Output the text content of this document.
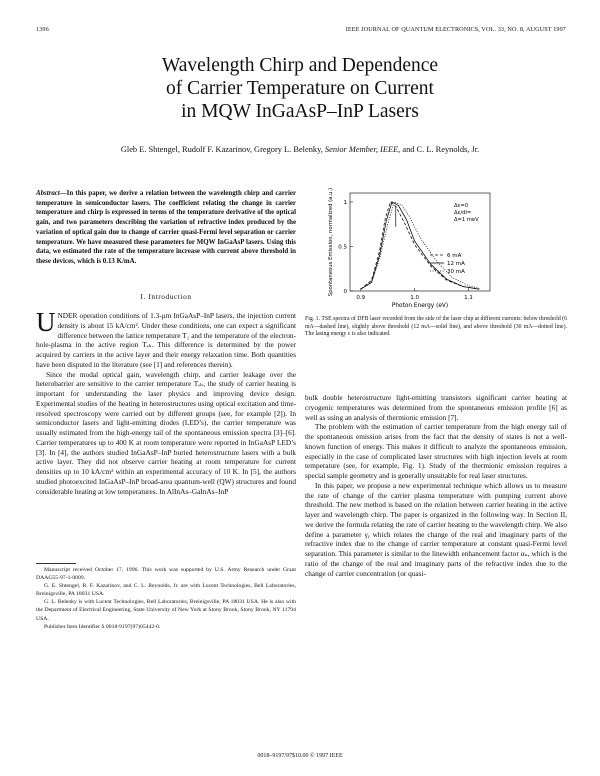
1396	IEEE JOURNAL OF QUANTUM ELECTRONICS, VOL. 33, NO. 8, AUGUST 1997
Wavelength Chirp and Dependence
of Carrier Temperature on Current
in MQW InGaAsP–InP Lasers
Gleb E. Shtengel, Rudolf F. Kazarinov, Gregory L. Belenky, Senior Member, IEEE, and C. L. Reynolds, Jr.
Abstract—In this paper, we derive a relation between the wavelength chirp and carrier temperature in semiconductor lasers. The coefficient relating the change in carrier temperature and chirp is expressed in terms of the temperature derivative of the optical gain, and two parameters describing the variation of refractive index produced by the variation of optical gain due to change of carrier quasi-Fermi level separation or carrier temperature. We have measured these parameters for MQW InGaAsP lasers. Using this data, we estimated the rate of the temperature increase with current above threshold in these devices, which is 0.13 K/mA.
I. Introduction

UNDER operation conditions of 1.3-μm InGaAsP–InP lasers, the injection current density is about 15 kA/cm². Under these conditions, one can expect a significant difference between the lattice temperature T₁ and the temperature of the electron-hole-plasma in the active region Tₑₕ. This difference is determined by the power acquired by carriers in the active layer and their energy relaxation time. Both quantities have been disputed in the literature (see [1] and references therein).

Since the modal optical gain, wavelength chirp, and carrier leakage over the heterobarrier are sensitive to the carrier temperature Tₑₕ, the study of carrier heating is important for understanding the laser physics and improving device design. Experimental studies of the heating in heterostructures using optical excitation and time-resolved spectroscopy were carried out by different groups (see, for example [2]). In semiconductor lasers and light-emitting diodes (LED’s), the carrier temperature was usually estimated from the high-energy tail of the spontaneous emission spectra [3]–[6]. Carrier temperatures up to 400 K at room temperature were reported in InGaAsP LED’s [3]. In [4], the authors studied InGaAsP–InP buried heterostructure lasers with a bulk active layer. They did not observe carrier heating at room temperature for current densities up to 10 kA/cm² within an experimental accuracy of 10 K. In [5], the authors studied photoexcited InGaAsP–InP broad-area quantum-well (QW) structures and found considerable heating at low temperatures. In AlInAs–GaInAs–InP

Manuscript received October 17, 1996. This work was supported by U.S. Army Research under Grant DAAG55-97-1-0009.

G. E. Shtengel, R. F. Kazarinov, and C. L. Reynolds, Jr. are with Lucent Technologies, Bell Laboratories, Breinigsville, PA 18031 USA.

G. L. Belenky is with Lucent Technologies, Bell Laboratories, Breinigsville, PA 18031 USA. He is also with the Department of Electrical Engineering, State University of New York at Stony Brook, Stony Brook, NY 11794 USA.

Publisher Item Identifier S 0018-9197(97)05442-0.

0.9	1.0	1.1
0
0.5
1
Photon Energy (eV)
Spontaneous Emission, normalized (a.u.)	6 mA
12 mA
30 mA
Δε=0
Δε/dI=
Δ=1 meV
Fig. 1. TSE spectra of DFB laser recorded from the side of the laser chip at different currents: below threshold (6 mA—dashed line), slightly above threshold (12 mA—solid line), and above threshold (30 mA—dotted line). The lasing energy ε is also indicated.

bulk double heterostructure light-emitting transistors significant carrier heating at cryogenic temperatures was determined from the spontaneous emission profile [6] as well as using an analysis of thermionic emission [7].

The problem with the estimation of carrier temperature from the high energy tail of the spontaneous emission arises from the fact that the density of states is not a well-known function of energy. This makes it difficult to analyze the spontaneous emission, especially in the case of complicated laser structures with high injection levels at room temperature (see, for example, Fig. 1). Study of the thermionic emission requires a special sample geometry and is generally unsuitable for real laser structures.

In this paper, we propose a new experimental technique which allows us to measure the rate of change of the carrier plasma temperature with pumping current above threshold. The new method is based on the relation between carrier heating in the active layer and wavelength chirp. The paper is organized in the following way. In Section II, we derive the formula relating the rate of carrier heating to the wavelength chirp. We also define a parameter γᵧ which relates the change of the real and imaginary parts of the refractive index due to the change of carrier temperature at constant quasi-Fermi level separation. This parameter is similar to the linewidth enhancement factor αₙ, which is the ratio of the change of the real and imaginary parts of the refractive index due to the change of carrier concentration (or quasi-

0018–9197/97$10.00 © 1997 IEEE
